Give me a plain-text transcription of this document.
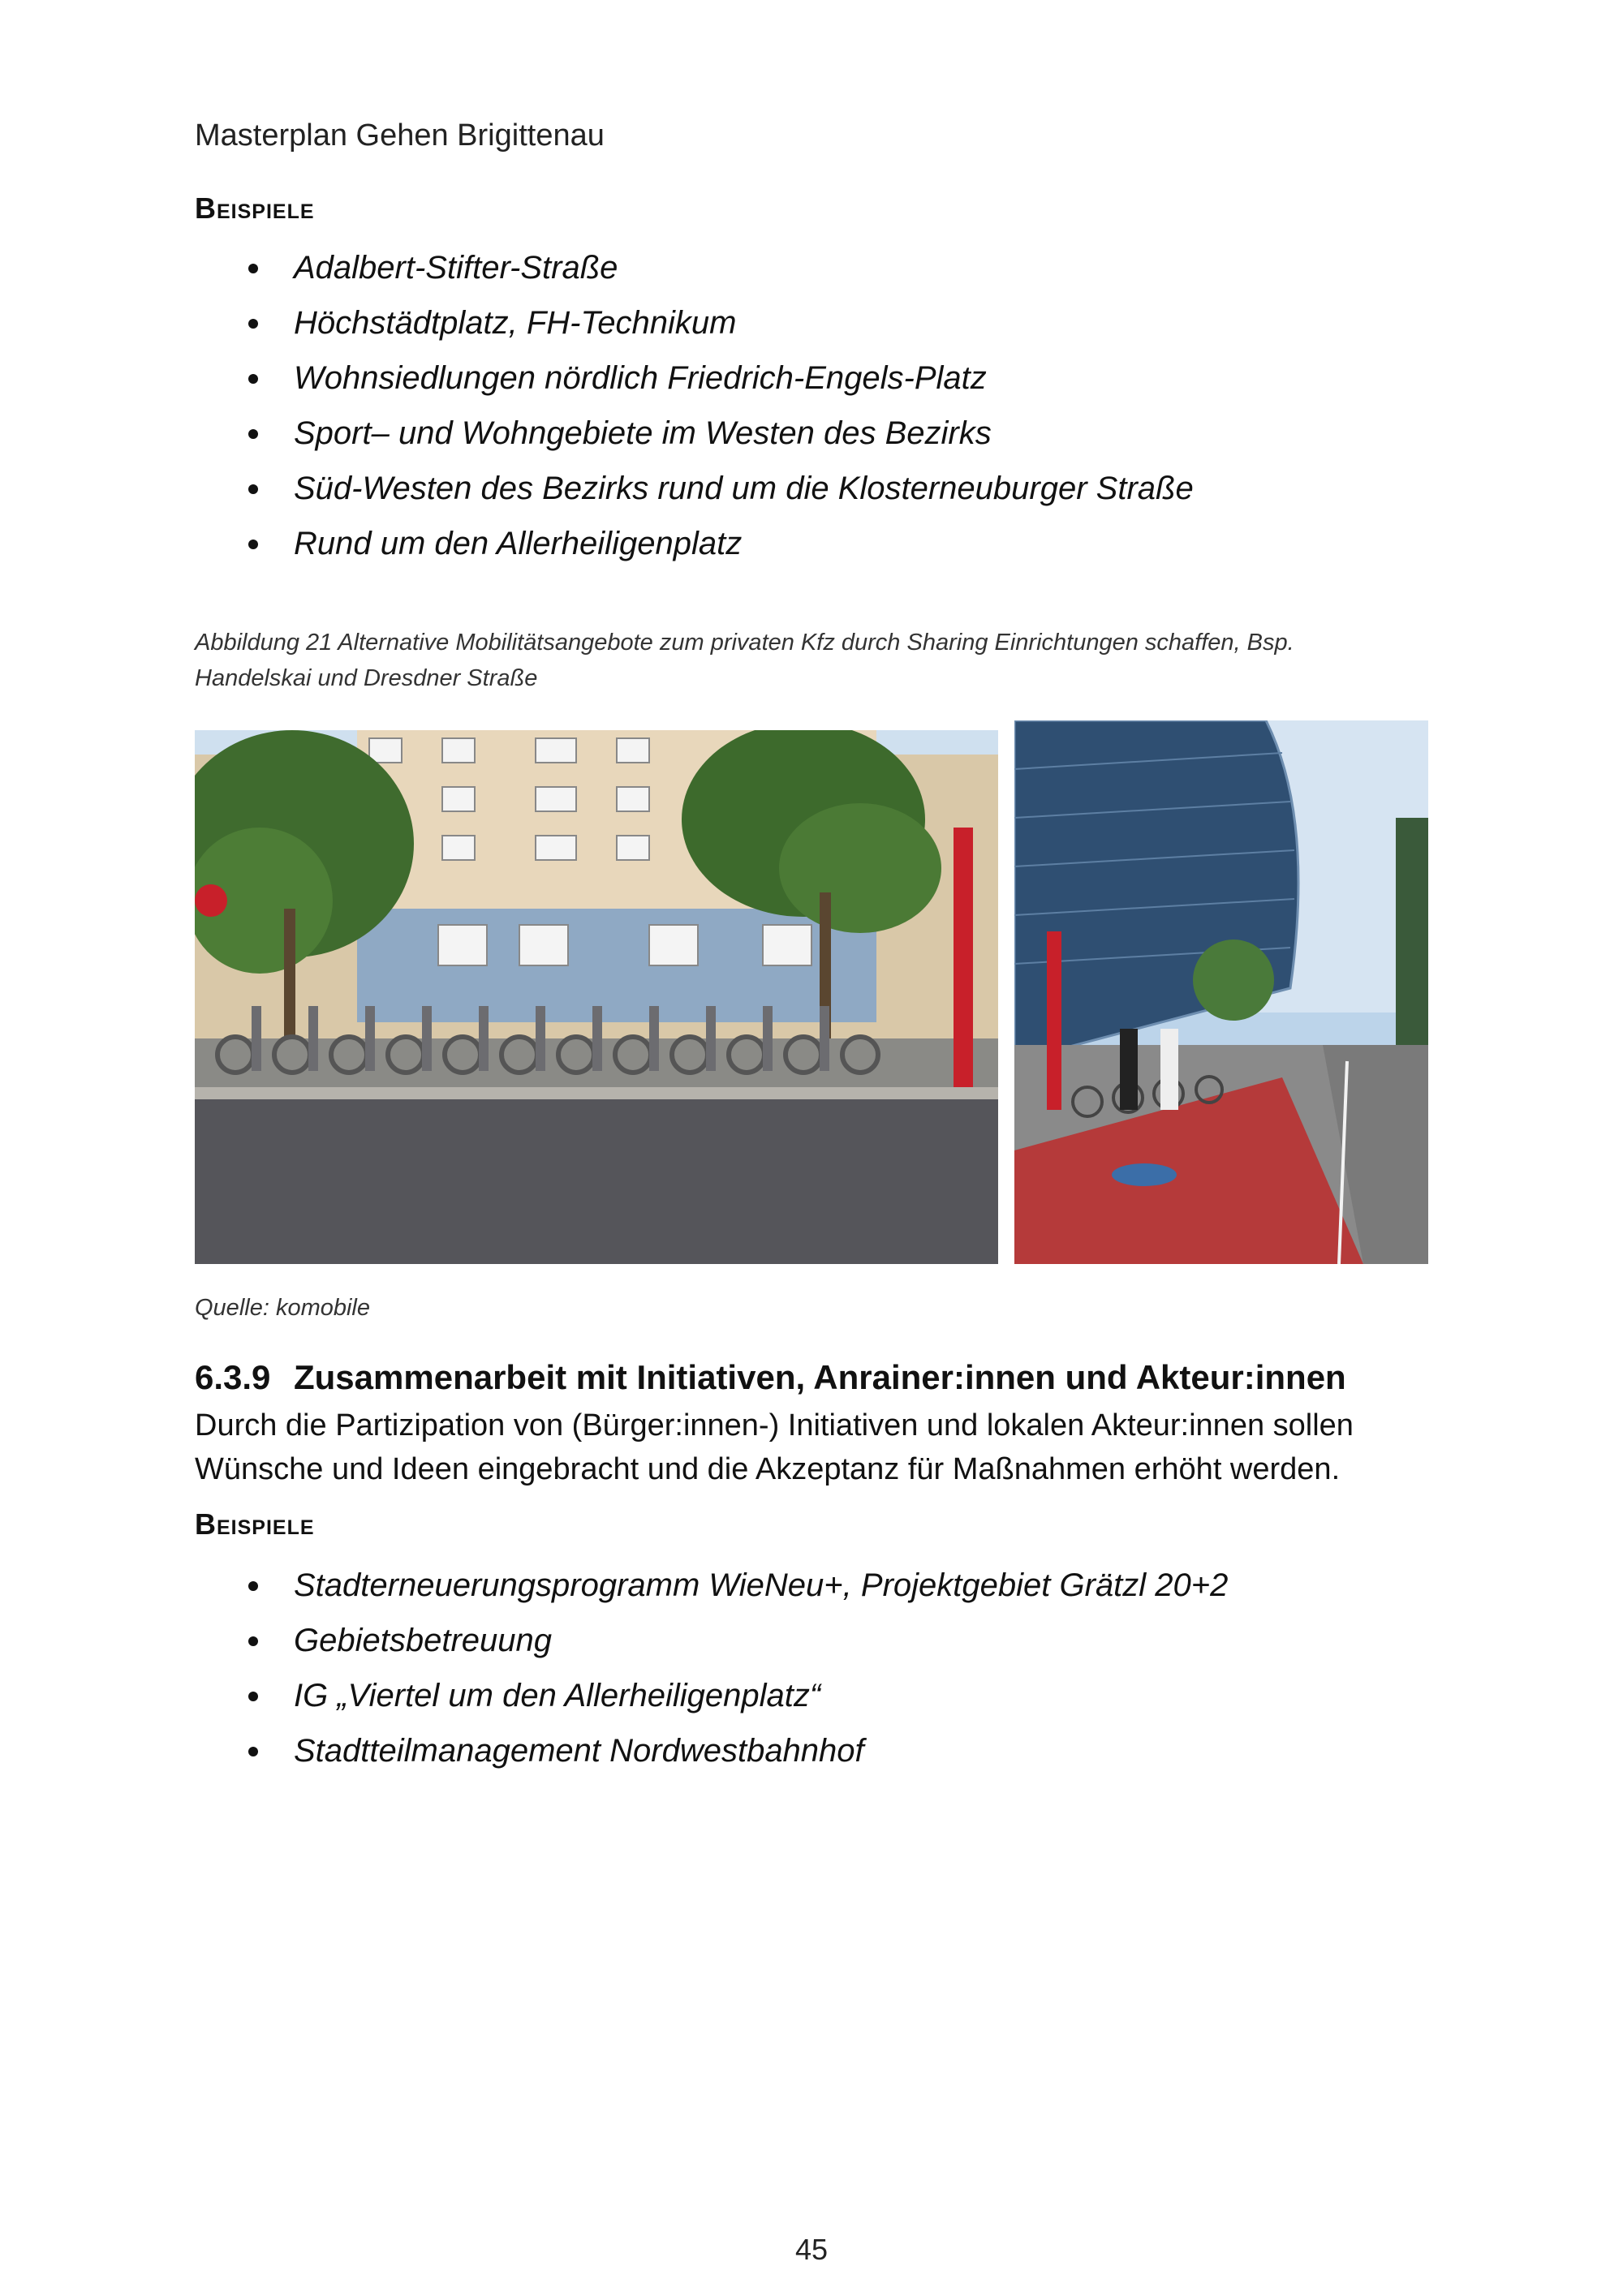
Masterplan Gehen Brigittenau
Beispiele
Adalbert-Stifter-Straße
Höchstädtplatz, FH-Technikum
Wohnsiedlungen nördlich Friedrich-Engels-Platz
Sport– und Wohngebiete im Westen des Bezirks
Süd-Westen des Bezirks rund um die Klosterneuburger Straße
Rund um den Allerheiligenplatz
Abbildung 21 Alternative Mobilitätsangebote zum privaten Kfz durch Sharing Einrichtungen schaffen, Bsp.
Handelskai und Dresdner Straße
Quelle: komobile
6.3.9 Zusammenarbeit mit Initiativen, Anrainer:innen und Akteur:innen
Durch die Partizipation von (Bürger:innen-) Initiativen und lokalen Akteur:innen sollen Wünsche und Ideen eingebracht und die Akzeptanz für Maßnahmen erhöht werden.
Beispiele
Stadterneuerungsprogramm WieNeu+, Projektgebiet Grätzl 20+2
Gebietsbetreuung
IG „Viertel um den Allerheiligenplatz“
Stadtteilmanagement Nordwestbahnhof
45
